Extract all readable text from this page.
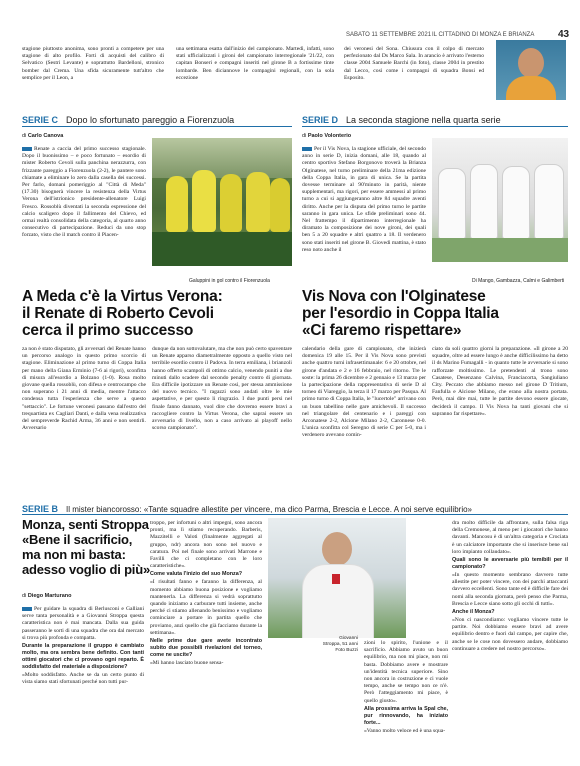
SABATO 11 SETTEMBRE 2021 IL CITTADINO DI MONZA E BRIANZA 43
stagione piuttosto anonima, sono pronti a competere per una stagione di alto profilo. Forti di acquisti del calibro di Selvatico (Sestri Levante) e soprattutto Bardelloni, stronico bomber dal Crema. Una sfida sicuramente tutt'altro che semplice per il Leon, a
una settimana esatta dall'inizio del campionato. Martedì, infatti, sono stati ufficializzati i gironi del campionato interregionale '21/22, con capitan Bonseri e compagni inseriti nel girone B a fortissime tinte lombarde. Ben diciannove le compagini regionali, con la sola eccezione
dei veronesi del Sona. Chiusura con il colpo di mercato perfezionato dal Ds Marco Sala. In arancio è arrivato l'esterno classe 2004 Samuele Barchi (in foto), classe 2004 in prestito dal Lecco, così come i compagni di squadra Bonsi ed Esposito.
SERIE C Dopo lo sfortunato pareggio a Fiorenzuola
di Carlo Canova
Renate a caccia del primo successo stagionale. Dopo il buonissimo – e poco fortunato – esordio di mister Roberto Cevoli sulla panchina nerazzurra, con frizzante pareggio a Fiorenzuola (2-2), le pantere sono chiamate a eliminare lo zero dalla casella dei successi. Per farlo, domani pomeriggio al "Città di Meda" (17.30) bisognerà vincere la resistenza della Virtus Verona dell'istrionico presidente-allenatore Luigi Fresco. Rossoblù diventati la seconda espressione del calcio scaligero dopo il fallimento del Chievo, ed ormai realtà consolidata della categoria, al quarto anno consecutivo di partecipazione. Reduci da uno stop forzato, visto che il match contro il Piacen-
Galuppini in gol contro il Fiorenzuola
A Meda c'è la Virtus Verona:
il Renate di Roberto Cevoli
cerca il primo successo
za non è stato disputato, gli avversari del Renate hanno un percorso analogo in questo primo scorcio di stagione. Eliminazione al primo turno di Coppa Italia per mano della Giana Erminio (7-6 ai rigori), sconfitta di misura all'esordio a Bolzano (1-0). Rosa molto giovane quella rossoblù, con difesa e centrocampo che non superano i 21 anni di media, mentre l'attacco condensa tutta l'esperienza che serve a questo "settaccio". Le fortune veronesi passano dall'estro del trequartista ex Cagliari Danti, e dalla vena realizzativa del sempreverde Rachid Arma, 36 anni e non sentirli. Avversario
dunque da non sottovalutare, ma che non può certo spaventare un Renate apparso diametralmente opposto a quello visto nel terribile esordio contro il Padova. In terra emiliana, i brianzoli hanno offerto scampoli di ottimo calcio, venendo puniti a due minuti dallo scadere dal secondo penalty contro di giornata. Era difficile ipotizzare un Renate così, per stessa ammissione del nuovo tecnico. "I ragazzi sono andati oltre le mie aspettative, e per questo li ringrazio. I due punti persi nel finale fanno dannato, vuol dire che dovremo essere bravi a raccogliere contro la Virtus Verona, che saprai essere un avversario di livello, non a caso arrivato ai playoff nello scorso campionato".
SERIE D La seconda stagione nella quarta serie
di Paolo Volonterio
Per il Vis Nova, la stagione ufficiale, del secondo anno in serie D, inizia domani, alle 18, quando al centro sportivo Stefano Borgonovo troverà la Brianza Olginatese, nel turno preliminare della 21ma edizione della Coppa Italia, in gara di unica. Se la partita dovesse terminare al 90'minuto in parità, niente supplementari, ma rigori, per essere ammessi al primo turno a cui si aggiungeranno altre 84 squadre aventi diritto. Anche per la disputa del primo turno le partite saranno in gara unica. Le sfide preliminari sono 44. Nel frattempo il dipartimento interregionale ha diramato la composizione dei nove gironi, dei quali ben 5 a 20 squadre e altri quattro a 18. Il verdenero sono stati inseriti nel girone B. Giovedì mattina, è stato reso noto anche il
Di Mango, Gambazza, Calmi e Galimberti
Vis Nova con l'Olginatese
per l'esordio in Coppa Italia
«Ci faremo rispettare»
calendario della gare di campionato, che inizierà domenica 19 alle 15. Per il Vis Nova sono previsti anche quattro turni infrasettimanale: 6 e 20 ottobre, nel girone d'andata e 2 e 16 febbraio, nel ritorno. Tre le soste: la prima 26 dicembre e 2 gennaio e 13 marzo per la partecipazione della rappresentativa di serie D al torneo di Viareggio, la terza il 17 marzo per Pasqua. Al primo turno di Coppa Italia, le "lucertole" arrivano con un buon tabellino nelle gare amichevoli. Il successo nel triangolare del centenario e i pareggi con Arconatese 2-2, Alcione Milano 2-2, Caronnese 0-0. L'unica sconfitta col Seregno di serie C per 5-0, ma i verdenero avevano comin-
ciato da soli quattro giorni la preparazione. «Il girone a 20 squadre, oltre ad essere lungo è anche difficilissimo ha detto il ds Marino Fumagalli - in quanto tutte le avversarie si sono rafforzate moltissimo. Le pretendenti al trono sono Casatese, Desenzano Calvina, Franciacorta, Sangiuliano City. Peccato che abbiamo messo nel girone D Tritium, Fanfulla e Alcione Milano, che erano alla nostra portata. Però, mai dire mai, tutte le partite devono essere giocate, deciderà il campo. Il Vis Nova ha tanti giovani che si sapranno far rispettare».
SERIE B Il mister biancorosso: «Tante squadre allestite per vincere, ma dico Parma, Brescia e Lecce. A noi serve equilibrio»
Monza, senti Stroppa
«Bene il sacrificio,
ma non mi basta:
adesso voglio di più»
di Diego Marturano

Per guidare la squadra di Berlusconi e Galliani serve tanta personalità e a Giovanni Stroppa questa caratteristica non è mai mancata. Dalla sua guida passeranno le sorti di una squadra che ora dal mercato si trova più profonda e compatta.

Durante la preparazione il gruppo è cambiato molto, ma ora sembra bene definito. Con tanti ottimi giocatori che ci provano ogni reparto. È soddisfatto del materiale a disposizione?

«Molto soddisfatto. Anche se da un certo punto di vista siamo stati sfortunati perché non tutti pur-

troppo, per infortuni o altri impegni, sono ancora pronti, ma lì stiamo recuperando. Barberis, Mazzitelli e Valoti (finalmente aggregati al gruppo, ndr) ancora non sono nel nuovo e caratura. Poi nel finale sono arrivati Marrone e Favilli che ci completano con le loro caratteristiche».

Come valuta l'inizio del suo Monza?

«I risultati fanno e faranno la differenza, al momento abbiamo buona posizione e vogliamo mantenerla. La differenza si vedrà soprattutto quando iniziamo a carburare tutti insieme, anche perché ci stiamo allenando benissimo e vogliamo cominciare a portare in partita quello che proviamo, anzi quello che già facciamo durante la settimana».

Nelle prime due gare avete incontrato subito due possibili rivelazioni del torneo, come ne uscite?

«Mi hanno lasciato buone sensa-

Giovanni
Stroppa, 51 anni
Foto Buzzi

zioni lo spirito, l'unione e il sacrificio. Abbiamo avuto un buon equilibrio, ma non mi piace, non mi basta. Dobbiamo avere e mostrare un'identità tecnica superiore. Sino non ancora in costruzione e ci vuole tempo, anche se tempo non ce n'è. Però l'atteggiamento mi piace, è quello giusto».

Alla prossima arriva la Spal che, pur rinnovando, ha iniziato forte...

«Vanno molto veloce ed è una squa-

dra molto difficile da affrontare, sulla falsa riga della Cremonese, al meno per i giocatori che hanno davanti. Mancosu è di un'altra categoria e Crociata è un calciatore importante che si inserisce bene sul loro impianto collaudato».

Quali sono le avversarie più temibili per il campionato?

«In questo momento sembrano davvero tutte allestite per poter vincere, con dei parchi attaccanti davvero eccellenti. Sono tante ed è difficile fare dei nomi alla seconda giornata, però penso che Parma, Brescia e Lecce siano sotto gli occhi di tutti».

Anche il Monza?

«Non ci nascondiamo: vogliamo vincere tutte le partite. Noi dobbiamo essere bravi ad avere equilibrio dentro e fuori dal campo, per capire che, anche se le cose non dovessero andare, dobbiamo continuare a credere nel nostro percorso».
